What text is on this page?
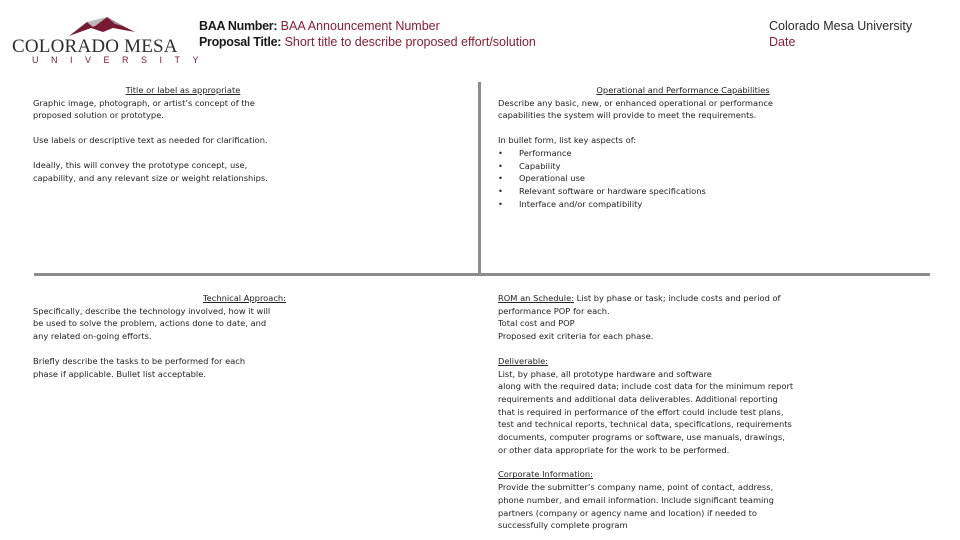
COLORADO MESA
UNIVERSITY
BAA Number: BAA Announcement Number
Proposal Title: Short title to describe proposed effort/solution
Colorado Mesa University
Date

Title or label as appropriate

Graphic image, photograph, or artist’s concept of the

proposed solution or prototype.

Use labels or descriptive text as needed for clarification.

Ideally, this will convey the prototype concept, use,

capability, and any relevant size or weight relationships.

Operational and Performance Capabilities

Describe any basic, new, or enhanced operational or performance

capabilities the system will provide to meet the requirements.

In bullet form, list key aspects of:

• Performance
• Capability
• Operational use
• Relevant software or hardware specifications
• Interface and/or compatibility

Technical Approach:

Specifically, describe the technology involved, how it will

be used to solve the problem, actions done to date, and

any related on-going efforts.

Briefly describe the tasks to be performed for each

phase if applicable. Bullet list acceptable.

ROM an Schedule: List by phase or task; include costs and period of

performance POP for each.

Total cost and POP

Proposed exit criteria for each phase.

Deliverable:

List, by phase, all prototype hardware and software

along with the required data; include cost data for the minimum report

requirements and additional data deliverables. Additional reporting

that is required in performance of the effort could include test plans,

test and technical reports, technical data, specifications, requirements

documents, computer programs or software, use manuals, drawings,

or other data appropriate for the work to be performed.

Corporate Information:

Provide the submitter’s company name, point of contact, address,

phone number, and email information. Include significant teaming

partners (company or agency name and location) if needed to

successfully complete program
